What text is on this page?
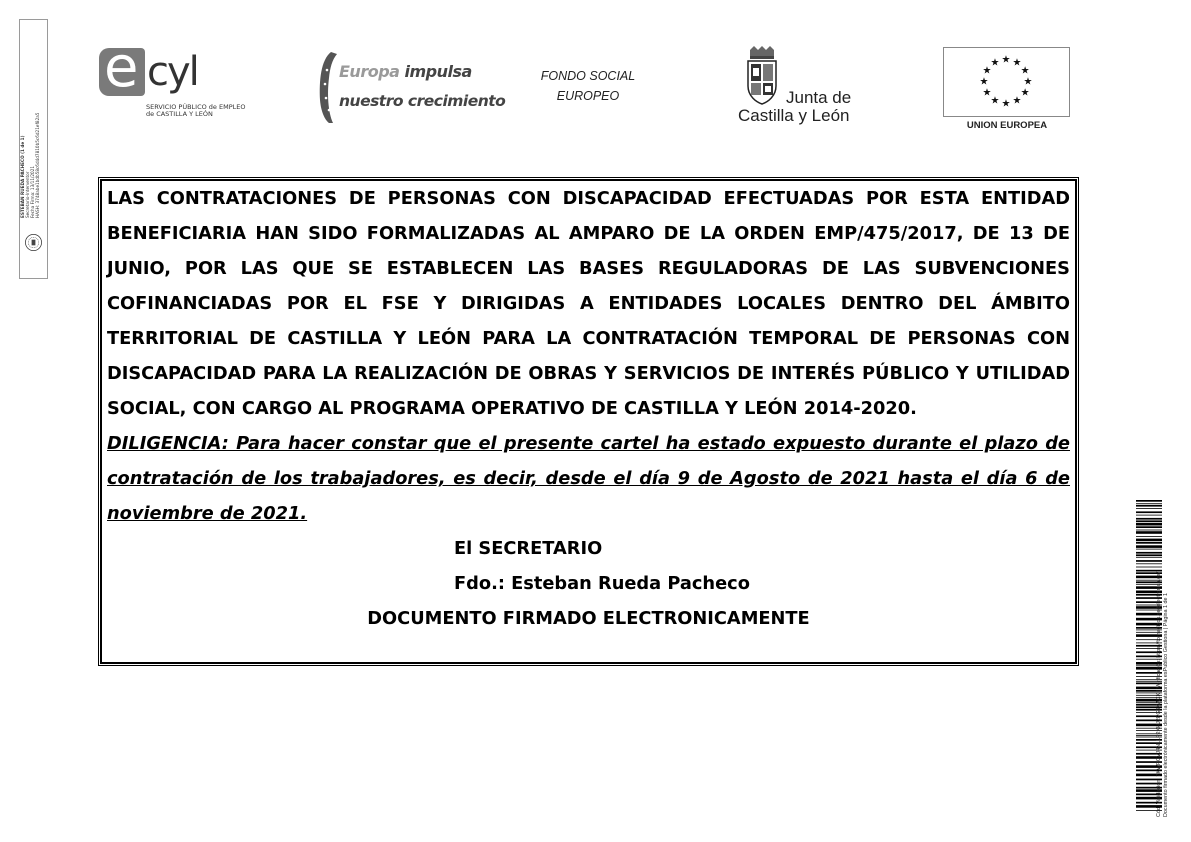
ESTEBAN RUEDA PACHECO (1 de 1) Secretario-Interventor Fecha Firma: 13/11/2021 HASH: 3748abe1bdb58c6d4d7810b5c6d21ef82a5
e cyl
SERVICIO PÚBLICO de EMPLEO
de CASTILLA Y LEÓN
Europa impulsa
nuestro crecimiento
FONDO SOCIAL
EUROPEO	Junta de
Castilla y León
★ ★
★
★
★
★
★
★
★
★
★
★
UNION EUROPEA

LAS CONTRATACIONES DE PERSONAS CON DISCAPACIDAD EFECTUADAS POR ESTA ENTIDAD BENEFICIARIA HAN SIDO FORMALIZADAS AL AMPARO DE LA ORDEN EMP/475/2017, DE 13 DE JUNIO, POR LAS QUE SE ESTABLECEN LAS BASES REGULADORAS DE LAS SUBVENCIONES COFINANCIADAS POR EL FSE Y DIRIGIDAS A ENTIDADES LOCALES DENTRO DEL ÁMBITO TERRITORIAL DE CASTILLA Y LEÓN PARA LA CONTRATACIÓN TEMPORAL DE PERSONAS CON DISCAPACIDAD PARA LA REALIZACIÓN DE OBRAS Y SERVICIOS DE INTERÉS PÚBLICO Y UTILIDAD SOCIAL, CON CARGO AL PROGRAMA OPERATIVO DE CASTILLA Y LEÓN 2014-2020.

DILIGENCIA: Para hacer constar que el presente cartel ha estado expuesto durante el plazo de contratación de los trabajadores, es decir, desde el día 9 de Agosto de 2021 hasta el día 6 de noviembre de 2021.

El SECRETARIO

Fdo.: Esteban Rueda Pacheco

DOCUMENTO FIRMADO ELECTRONICAMENTE	Cód. Validación: 7KWRCVJ4NLLP2KHJ2PG9XACK | Verificación: https://tornadizos.sedelectronica.es/ Documento firmado electrónicamente desde la plataforma esPublico Gestiona | Página 1 de 1
